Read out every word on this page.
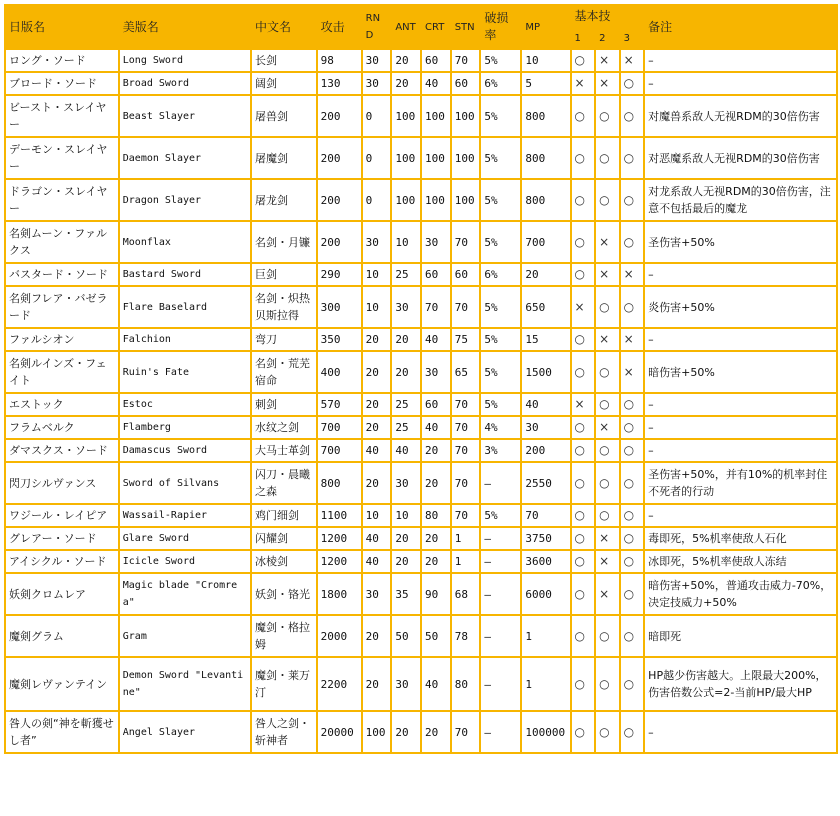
日版名	美版名	中文名	攻击	RND	ANT	CRT	STN	破损率	MP	基本技			备注
										1	2	3	
ロング・ソード	Long Sword	长剑	98	30	20	60	70	5%	10	○	×	×	–
ブロード・ソード	Broad Sword	阔剑	130	30	20	40	60	6%	5	×	×	○	–
ビースト・スレイヤー	Beast Slayer	屠兽剑	200	0	100	100	100	5%	800	○	○	○	对魔兽系敌人无视RDM的30倍伤害
デーモン・スレイヤー	Daemon Slayer	屠魔剑	200	0	100	100	100	5%	800	○	○	○	对恶魔系敌人无视RDM的30倍伤害
ドラゴン・スレイヤー	Dragon Slayer	屠龙剑	200	0	100	100	100	5%	800	○	○	○	对龙系敌人无视RDM的30倍伤害，注意不包括最后的魔龙
名剣ムーン・ファルクス	Moonflax	名剑・月镰	200	30	10	30	70	5%	700	○	×	○	圣伤害+50%
バスタード・ソード	Bastard Sword	巨剑	290	10	25	60	60	6%	20	○	×	×	–
名剣フレア・バゼラード	Flare Baselard	名剑・炽热贝斯拉得	300	10	30	70	70	5%	650	×	○	○	炎伤害+50%
ファルシオン	Falchion	弯刀	350	20	20	40	75	5%	15	○	×	×	–
名剣ルインズ・フェイト	Ruin's Fate	名剑・荒芜宿命	400	20	20	30	65	5%	1500	○	○	×	暗伤害+50%
エストック	Estoc	刺剑	570	20	25	60	70	5%	40	×	○	○	–
フラムベルク	Flamberg	水纹之剑	700	20	25	40	70	4%	30	○	×	○	–
ダマスクス・ソード	Damascus Sword	大马士革剑	700	40	40	20	70	3%	200	○	○	○	–
閃刀シルヴァンス	Sword of Silvans	闪刀・晨曦之森	800	20	30	20	70	–	2550	○	○	○	圣伤害+50%，并有10%的机率封住不死者的行动
ワジール・レイピア	Wassail-Rapier	鸡门细剑	1100	10	10	80	70	5%	70	○	○	○	–
グレアー・ソード	Glare Sword	闪耀剑	1200	40	20	20	1	–	3750	○	×	○	毒即死，5%机率使敌人石化
アイシクル・ソード	Icicle Sword	冰棱剑	1200	40	20	20	1	–	3600	○	×	○	冰即死，5%机率使敌人冻结
妖剣クロムレア	Magic blade "Cromrea"	妖剑・铬光	1800	30	35	90	68	–	6000	○	×	○	暗伤害+50%，普通攻击威力-70%，决定技威力+50%
魔剣グラム	Gram	魔剑・格拉姆	2000	20	50	50	78	–	1	○	○	○	暗即死
魔剣レヴァンテイン	Demon Sword "Levantine"	魔剑・莱万汀	2200	20	30	40	80	–	1	○	○	○	HP越少伤害越大。上限最大200%，伤害倍数公式=2-当前HP/最大HP
咎人の剣“神を斬獲せし者”	Angel Slayer	咎人之剑・斩神者	20000	100	20	20	70	–	100000	○	○	○	–
